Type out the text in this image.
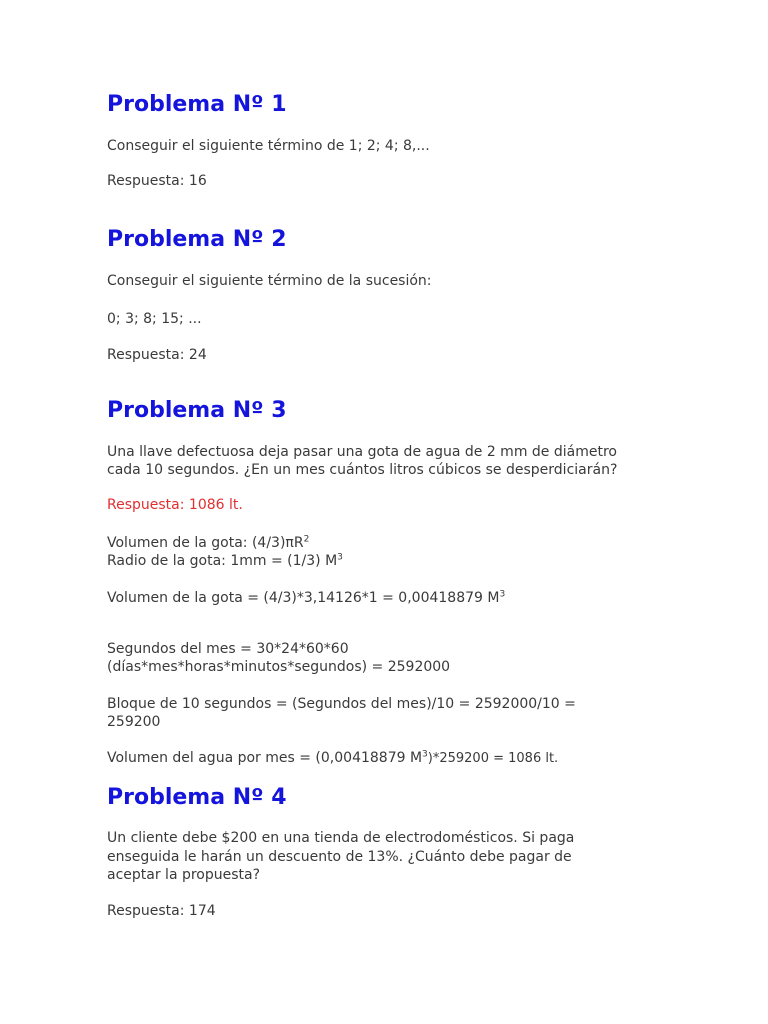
Problema Nº 1

Conseguir el siguiente término de 1; 2; 4; 8,...

Respuesta: 16

Problema Nº 2

Conseguir el siguiente término de la sucesión:

0; 3; 8; 15; ...

Respuesta: 24

Problema Nº 3

Una llave defectuosa deja pasar una gota de agua de 2 mm de diámetro

cada 10 segundos. ¿En un mes cuántos litros cúbicos se desperdiciarán?

Respuesta: 1086 lt.

Volumen de la gota: $(4/3)\pi R^2$

Radio de la gota: 1mm = (1/3) $M^3$

Volumen de la gota = (4/3)*3,14126*1 = 0,00418879 $M^3$

Segundos del mes = 30*24*60*60

(días*mes*horas*minutos*segundos) = 2592000

Bloque de 10 segundos = (Segundos del mes)/10 = 2592000/10 =

259200

Volumen del agua por mes = (0,00418879 $M^3)*259200 = 1086$ lt.

Problema Nº 4

Un cliente debe $200 en una tienda de electrodomésticos. Si paga

enseguida le harán un descuento de 13%. ¿Cuánto debe pagar de

aceptar la propuesta?

Respuesta: 174
